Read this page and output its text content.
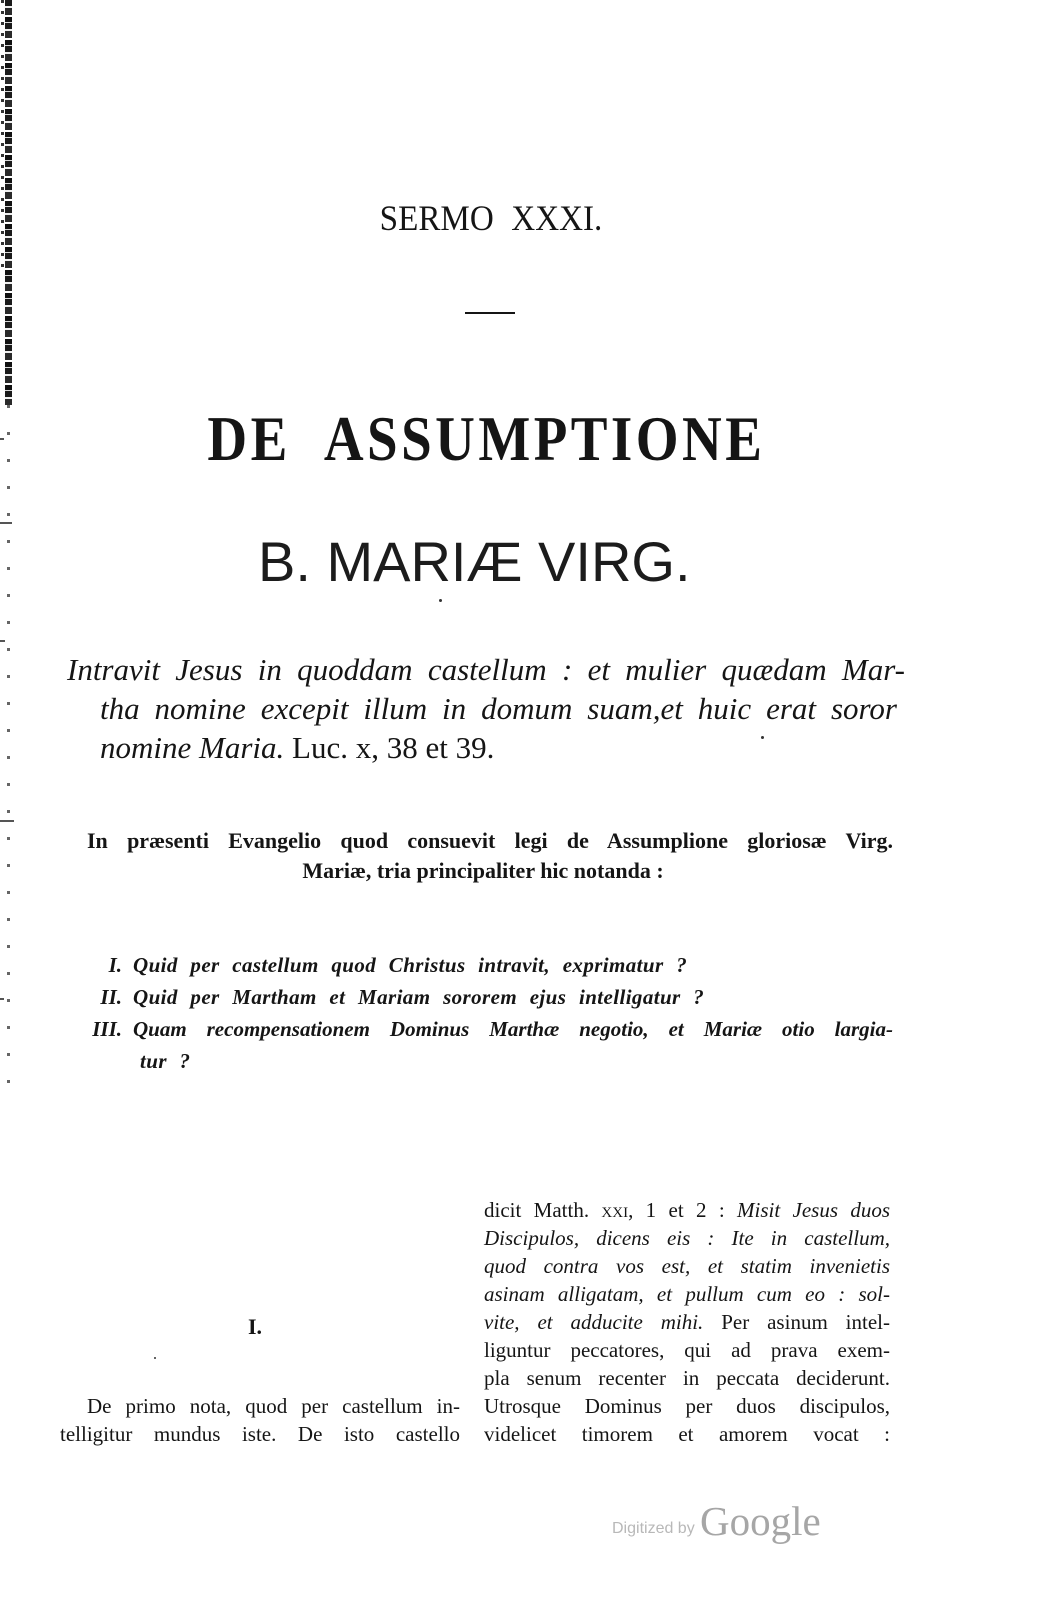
SERMO XXXI.
DE ASSUMPTIONE
B. MARIÆ VIRG.
Intravit Jesus in quoddam castellum : et mulier quædam Mar-
tha nomine excepit illum in domum suam,et huic erat soror
nomine Maria. Luc. x, 38 et 39.
In præsenti Evangelio quod consuevit legi de Assumplione gloriosæ Virg.
Mariæ, tria principaliter hic notanda :
I. Quid per castellum quod Christus intravit, exprimatur ?
II. Quid per Martham et Mariam sororem ejus intelligatur ?
III. Quam recompensationem Dominus Marthæ negotio, et Mariæ otio largia-
tur ?
I.
De primo nota, quod per castellum in-
telligitur mundus iste. De isto castello
dicit Matth. xxi, 1 et 2 : Misit Jesus duos
Discipulos, dicens eis : Ite in castellum,
quod contra vos est, et statim invenietis
asinam alligatam, et pullum cum eo : sol-
vite, et adducite mihi. Per asinum intel-
liguntur peccatores, qui ad prava exem-
pla senum recenter in peccata deciderunt.
Utrosque Dominus per duos discipulos,
videlicet timorem et amorem vocat :
Digitized by Google
